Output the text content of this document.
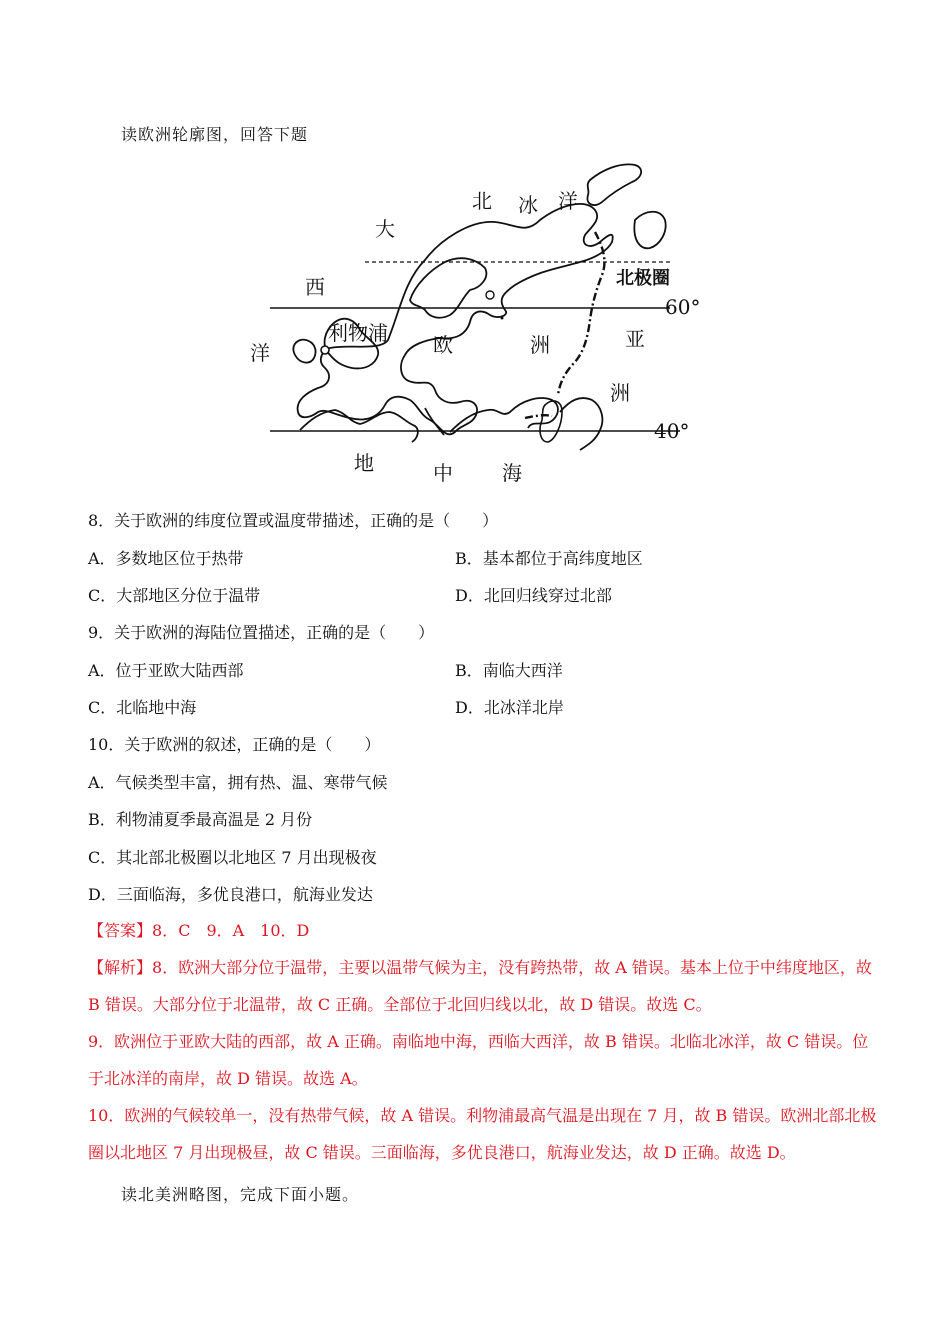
读欧洲轮廓图，回答下题
北 冰 洋
大
西
洋
北极圈
60°
40°
利物浦 欧	洲	亚
洲
地	中 海
8．关于欧洲的纬度位置或温度带描述，正确的是（　　）
A．多数地区位于热带	B．基本都位于高纬度地区
C．大部地区分位于温带	D．北回归线穿过北部
9．关于欧洲的海陆位置描述，正确的是（　　）
A．位于亚欧大陆西部	B．南临大西洋
C．北临地中海	D．北冰洋北岸
10．关于欧洲的叙述，正确的是（　　）
A．气候类型丰富，拥有热、温、寒带气候
B．利物浦夏季最高温是 2 月份
C．其北部北极圈以北地区 7 月出现极夜
D．三面临海，多优良港口，航海业发达
【答案】8．C　9．A　10．D
【解析】8．欧洲大部分位于温带，主要以温带气候为主，没有跨热带，故 A 错误。基本上位于中纬度地区，故 B 错误。大部分位于北温带，故 C 正确。全部位于北回归线以北，故 D 错误。故选 C。
9．欧洲位于亚欧大陆的西部，故 A 正确。南临地中海，西临大西洋，故 B 错误。北临北冰洋，故 C 错误。位于北冰洋的南岸，故 D 错误。故选 A。
10．欧洲的气候较单一，没有热带气候，故 A 错误。利物浦最高气温是出现在 7 月，故 B 错误。欧洲北部北极圈以北地区 7 月出现极昼，故 C 错误。三面临海，多优良港口，航海业发达，故 D 正确。故选 D。
读北美洲略图，完成下面小题。
